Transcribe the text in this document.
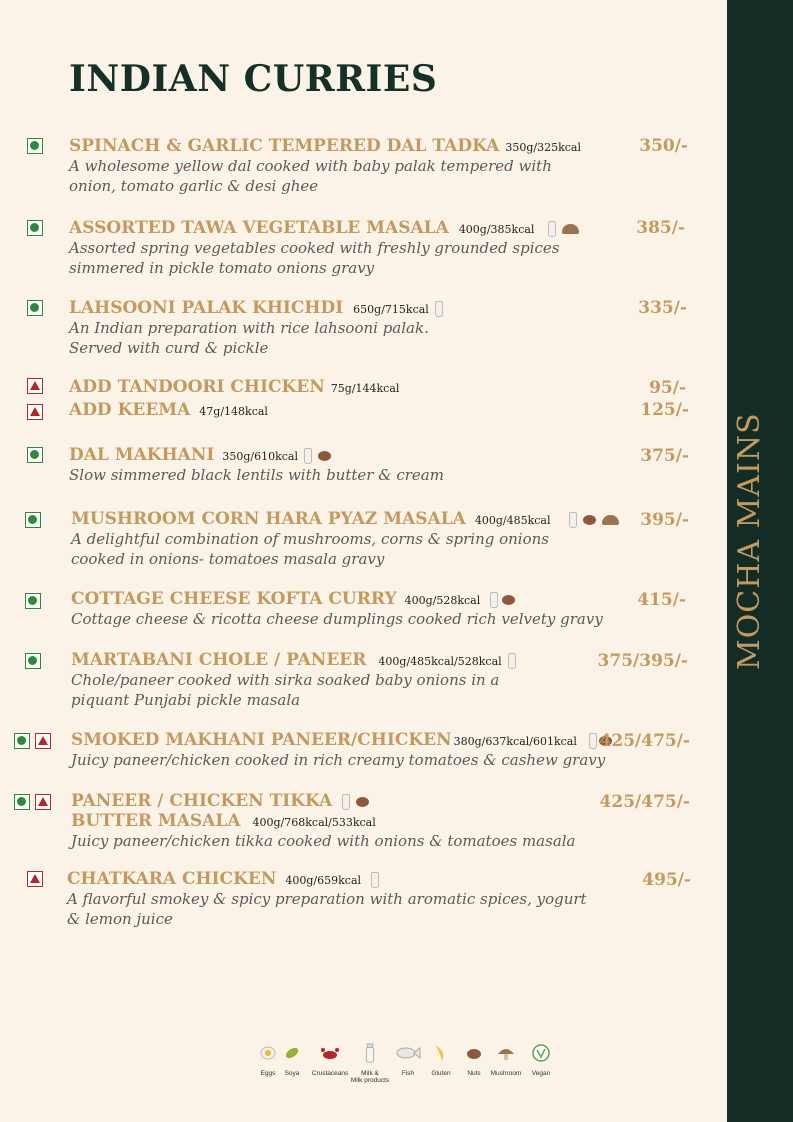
MOCHA MAINS
INDIAN CURRIES
SPINACH & GARLIC TEMPERED DAL TADKA 350g/325kcal
A wholesome yellow dal cooked with baby palak tempered with
onion, tomato garlic & desi ghee
350/-
ASSORTED TAWA VEGETABLE MASALA 400g/385kcal
Assorted spring vegetables cooked with freshly grounded spices
simmered in pickle tomato onions gravy
385/-
LAHSOONI PALAK KHICHDI 650g/715kcal
An Indian preparation with rice lahsooni palak.
Served with curd & pickle
335/-
ADD TANDOORI CHICKEN 75g/144kcal	95/-
ADD KEEMA 47g/148kcal	125/-
DAL MAKHANI 350g/610kcal
Slow simmered black lentils with butter & cream
375/-
MUSHROOM CORN HARA PYAZ MASALA 400g/485kcal
A delightful combination of mushrooms, corns & spring onions
cooked in onions- tomatoes masala gravy
395/-
COTTAGE CHEESE KOFTA CURRY 400g/528kcal
Cottage cheese & ricotta cheese dumplings cooked rich velvety gravy
415/-
MARTABANI CHOLE / PANEER 400g/485kcal/528kcal
Chole/paneer cooked with sirka soaked baby onions in a
piquant Punjabi pickle masala
375/395/-
SMOKED MAKHANI PANEER/CHICKEN 380g/637kcal/601kcal
Juicy paneer/chicken cooked in rich creamy tomatoes & cashew gravy
425/475/-
PANEER / CHICKEN TIKKA
BUTTER MASALA 400g/768kcal/533kcal
Juicy paneer/chicken tikka cooked with onions & tomatoes masala
425/475/-
CHATKARA CHICKEN 400g/659kcal
A flavorful smokey & spicy preparation with aromatic spices, yogurt
& lemon juice
495/-
Eggs	Soya	Crustaceans	Milk &
Milk products
Fish	Gluten	Nuts	Mushroom	Vegan
